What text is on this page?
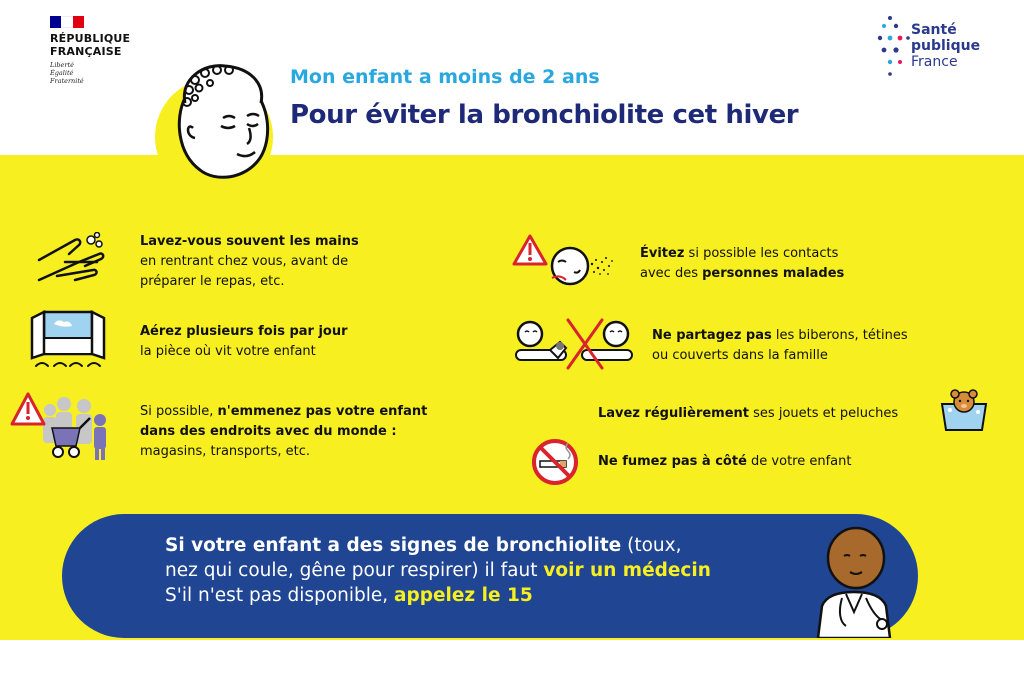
RÉPUBLIQUE
FRANÇAISE
Liberté
Égalité
Fraternité
Santé
publique
France
Mon enfant a moins de 2 ans
Pour éviter la bronchiolite cet hiver
Lavez-vous souvent les mains
en rentrant chez vous, avant de
préparer le repas, etc.
Aérez plusieurs fois par jour
la pièce où vit votre enfant
Si possible, n'emmenez pas votre enfant
dans des endroits avec du monde :
magasins, transports, etc.
Évitez si possible les contacts
avec des personnes malades
Ne partagez pas les biberons, tétines
ou couverts dans la famille
Lavez régulièrement ses jouets et peluches
Ne fumez pas à côté de votre enfant
Si votre enfant a des signes de bronchiolite (toux,
nez qui coule, gêne pour respirer) il faut voir un médecin
S'il n'est pas disponible, appelez le 15
